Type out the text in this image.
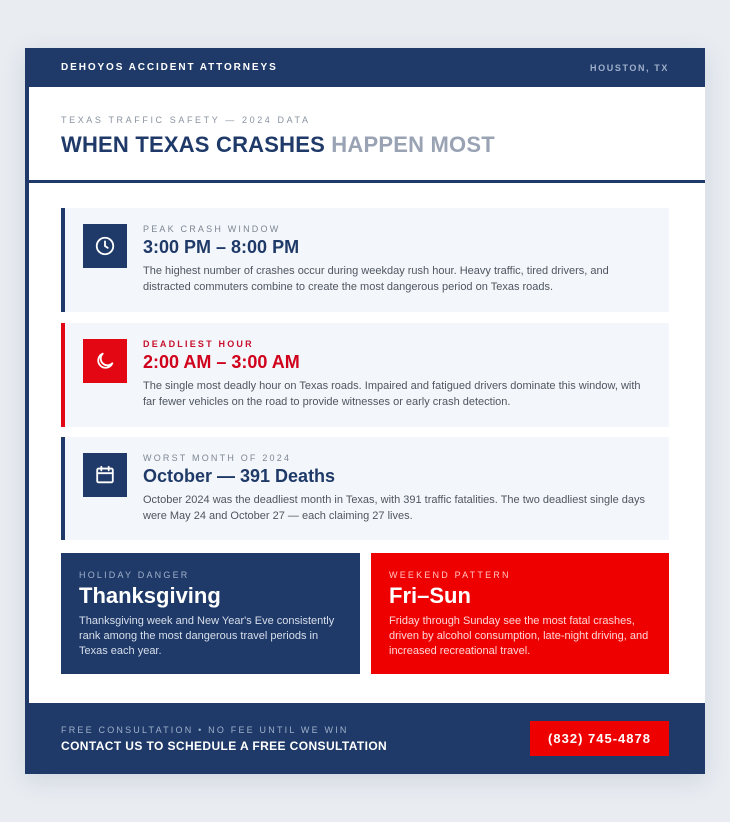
DEHOYOS ACCIDENT ATTORNEYS	HOUSTON, TX
TEXAS TRAFFIC SAFETY — 2024 DATA
WHEN TEXAS CRASHES HAPPEN MOST
PEAK CRASH WINDOW
3:00 PM – 8:00 PM
The highest number of crashes occur during weekday rush hour. Heavy traffic, tired drivers, and distracted commuters combine to create the most dangerous period on Texas roads.
DEADLIEST HOUR
2:00 AM – 3:00 AM
The single most deadly hour on Texas roads. Impaired and fatigued drivers dominate this window, with far fewer vehicles on the road to provide witnesses or early crash detection.
WORST MONTH OF 2024
October — 391 Deaths
October 2024 was the deadliest month in Texas, with 391 traffic fatalities. The two deadliest single days were May 24 and October 27 — each claiming 27 lives.
HOLIDAY DANGER
Thanksgiving
Thanksgiving week and New Year's Eve consistently rank among the most dangerous travel periods in Texas each year.
WEEKEND PATTERN
Fri–Sun
Friday through Sunday see the most fatal crashes, driven by alcohol consumption, late-night driving, and increased recreational travel.
FREE CONSULTATION • NO FEE UNTIL WE WIN
CONTACT US TO SCHEDULE A FREE CONSULTATION	(832) 745-4878
